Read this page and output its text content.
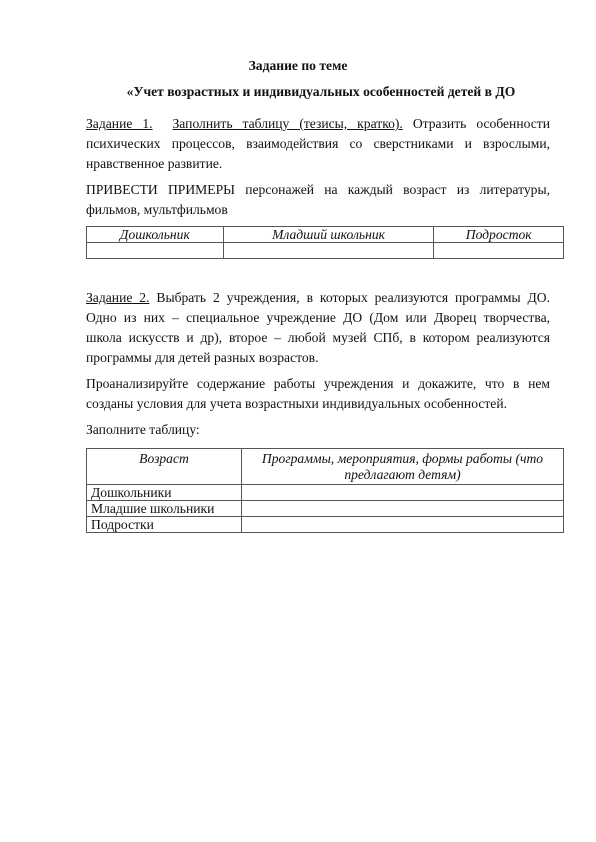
Задание по теме

«Учет возрастных и индивидуальных особенностей детей в ДО

Задание 1. Заполнить таблицу (тезисы, кратко). Отразить особенности психических процессов, взаимодействия со сверстниками и взрослыми, нравственное развитие.

ПРИВЕСТИ ПРИМЕРЫ персонажей на каждый возраст из литературы, фильмов, мультфильмов

Дошкольник	Младший школьник	Подросток

Задание 2. Выбрать 2 учреждения, в которых реализуются программы ДО. Одно из них – специальное учреждение ДО (Дом или Дворец творчества, школа искусств и др), второе – любой музей СПб, в котором реализуются программы для детей разных возрастов.

Проанализируйте содержание работы учреждения и докажите, что в нем созданы условия для учета возрастныхи индивидуальных особенностей.

Заполните таблицу:

Возраст	Программы, мероприятия, формы работы (что предлагают детям)
Дошкольники	
Младшие школьники	
Подростки	
